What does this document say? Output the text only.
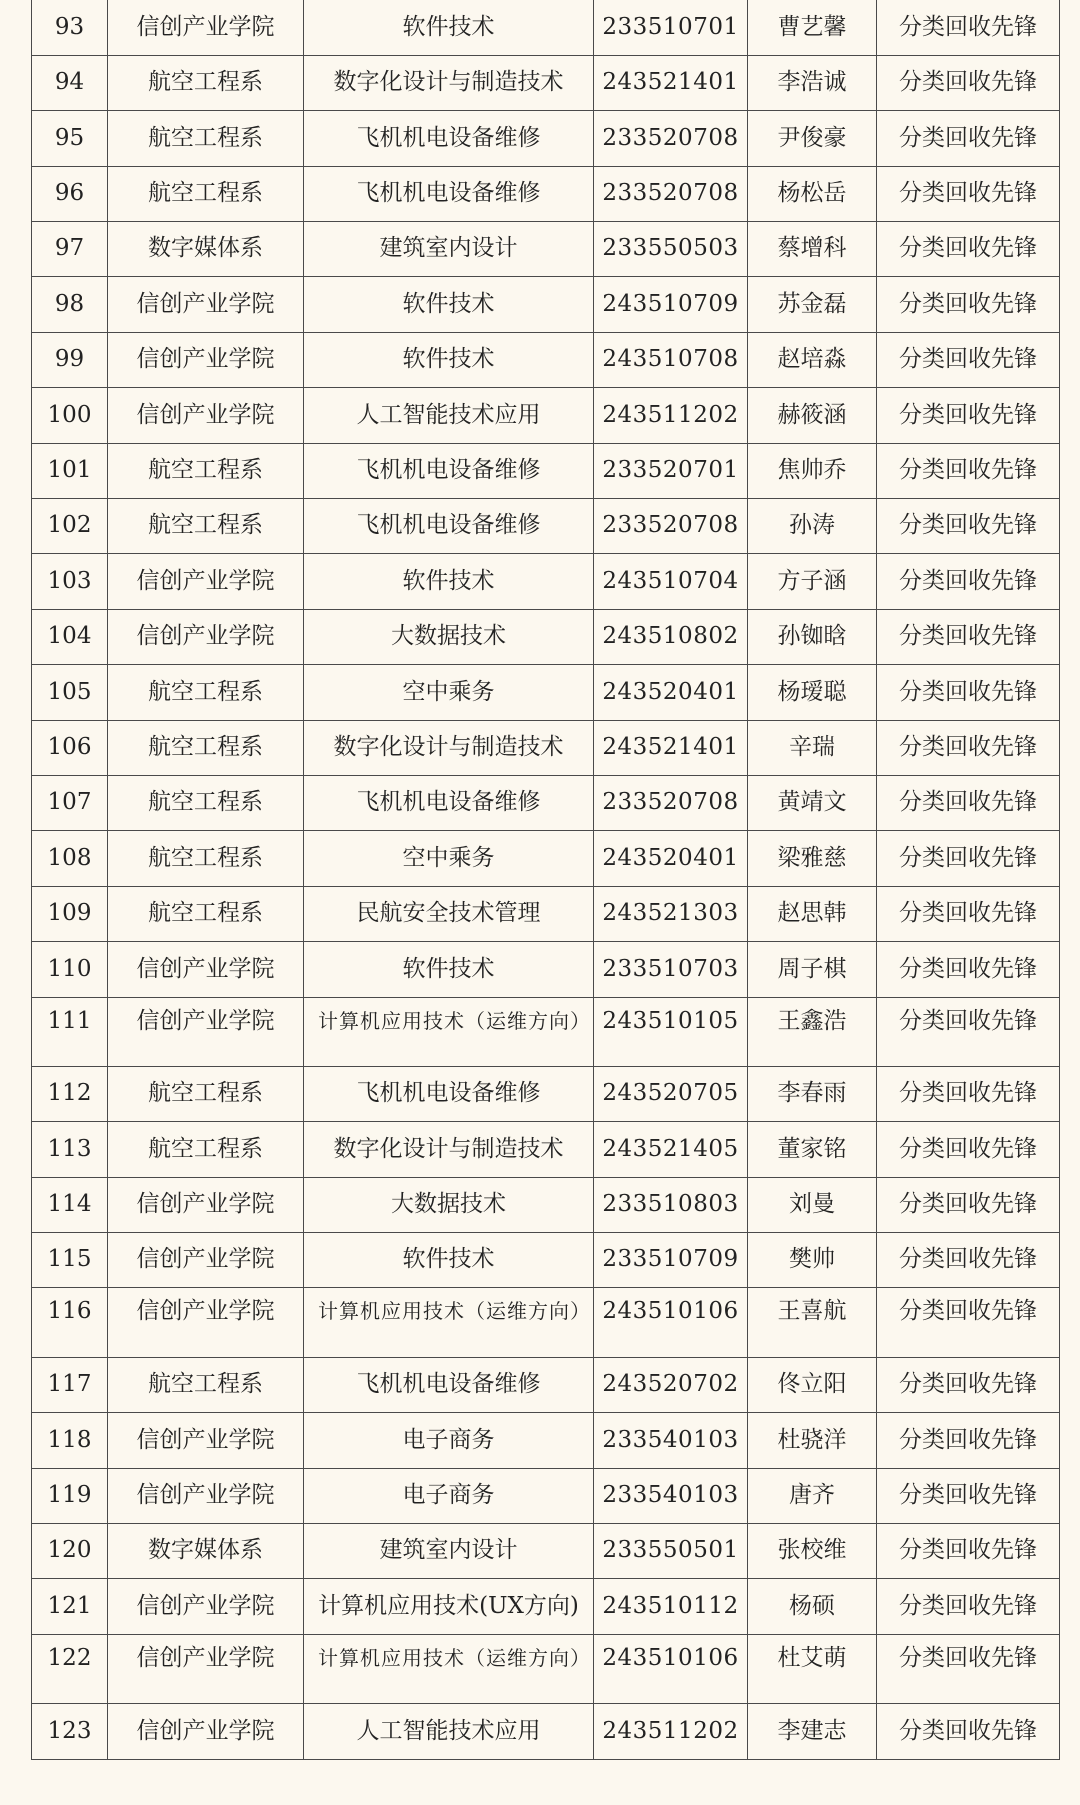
93	信创产业学院	软件技术	233510701	曹艺馨	分类回收先锋
94	航空工程系	数字化设计与制造技术	243521401	李浩诚	分类回收先锋
95	航空工程系	飞机机电设备维修	233520708	尹俊豪	分类回收先锋
96	航空工程系	飞机机电设备维修	233520708	杨松岳	分类回收先锋
97	数字媒体系	建筑室内设计	233550503	蔡增科	分类回收先锋
98	信创产业学院	软件技术	243510709	苏金磊	分类回收先锋
99	信创产业学院	软件技术	243510708	赵培淼	分类回收先锋
100	信创产业学院	人工智能技术应用	243511202	赫筱涵	分类回收先锋
101	航空工程系	飞机机电设备维修	233520701	焦帅乔	分类回收先锋
102	航空工程系	飞机机电设备维修	233520708	孙涛	分类回收先锋
103	信创产业学院	软件技术	243510704	方子涵	分类回收先锋
104	信创产业学院	大数据技术	243510802	孙铷晗	分类回收先锋
105	航空工程系	空中乘务	243520401	杨瑷聪	分类回收先锋
106	航空工程系	数字化设计与制造技术	243521401	辛瑞	分类回收先锋
107	航空工程系	飞机机电设备维修	233520708	黄靖文	分类回收先锋
108	航空工程系	空中乘务	243520401	梁雅慈	分类回收先锋
109	航空工程系	民航安全技术管理	243521303	赵思韩	分类回收先锋
110	信创产业学院	软件技术	233510703	周子棋	分类回收先锋
111	信创产业学院	计算机应用技术（运维方向）	243510105	王鑫浩	分类回收先锋
112	航空工程系	飞机机电设备维修	243520705	李春雨	分类回收先锋
113	航空工程系	数字化设计与制造技术	243521405	董家铭	分类回收先锋
114	信创产业学院	大数据技术	233510803	刘曼	分类回收先锋
115	信创产业学院	软件技术	233510709	樊帅	分类回收先锋
116	信创产业学院	计算机应用技术（运维方向）	243510106	王喜航	分类回收先锋
117	航空工程系	飞机机电设备维修	243520702	佟立阳	分类回收先锋
118	信创产业学院	电子商务	233540103	杜骁洋	分类回收先锋
119	信创产业学院	电子商务	233540103	唐齐	分类回收先锋
120	数字媒体系	建筑室内设计	233550501	张校维	分类回收先锋
121	信创产业学院	计算机应用技术(UX方向)	243510112	杨硕	分类回收先锋
122	信创产业学院	计算机应用技术（运维方向）	243510106	杜艾萌	分类回收先锋
123	信创产业学院	人工智能技术应用	243511202	李建志	分类回收先锋
